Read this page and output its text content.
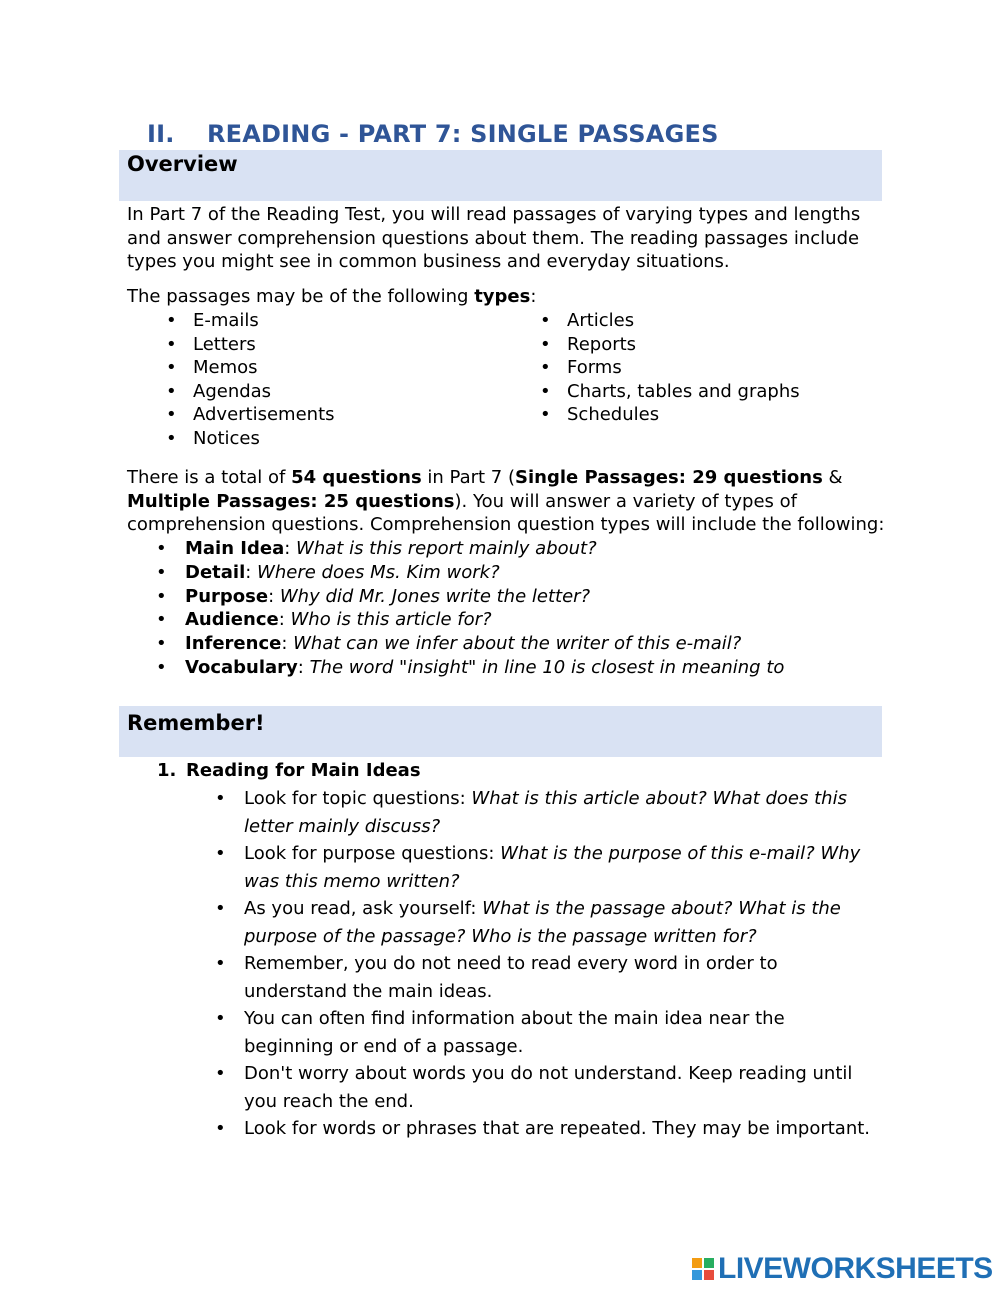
II. READING - PART 7: SINGLE PASSAGES
Overview

In Part 7 of the Reading Test, you will read passages of varying types and lengths and answer comprehension questions about them. The reading passages include types you might see in common business and everyday situations.

The passages may be of the following types:

• E-mails
• Letters
• Memos
• Agendas
• Advertisements
• Notices
• Articles
• Reports
• Forms
• Charts, tables and graphs
• Schedules

There is a total of 54 questions in Part 7 (Single Passages: 29 questions & Multiple Passages: 25 questions). You will answer a variety of types of comprehension questions. Comprehension question types will include the following:

• Main Idea: What is this report mainly about?
• Detail: Where does Ms. Kim work?
• Purpose: Why did Mr. Jones write the letter?
• Audience: Who is this article for?
• Inference: What can we infer about the writer of this e-mail?
• Vocabulary: The word "insight" in line 10 is closest in meaning to
Remember!
1. Reading for Main Ideas
• Look for topic questions: What is this article about? What does this letter mainly discuss?
• Look for purpose questions: What is the purpose of this e-mail? Why was this memo written?
• As you read, ask yourself: What is the passage about? What is the purpose of the passage? Who is the passage written for?
• Remember, you do not need to read every word in order to understand the main ideas.
• You can often find information about the main idea near the beginning or end of a passage.
• Don't worry about words you do not understand. Keep reading until you reach the end.
• Look for words or phrases that are repeated. They may be important.
LIVEWORKSHEETS
